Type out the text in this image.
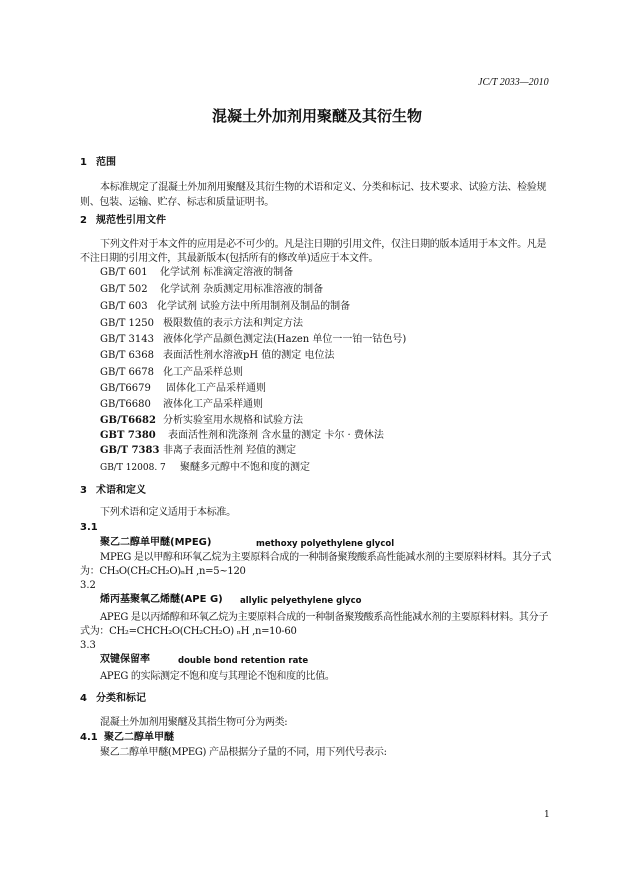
JC/T 2033—2010
混凝土外加剂用聚醚及其衍生物
1 范围
本标准规定了混凝土外加剂用聚醚及其衍生物的术语和定义、分类和标记、技术要求、试验方法、检验规则、包装、运输、贮存、标志和质量证明书。
2 规范性引用文件
下列文件对于本文件的应用是必不可少的。凡是注日期的引用文件，仅注日期的版本适用于本文件。凡是不注日期的引用文件，其最新版本(包括所有的修改单)适应于本文件。
GB/T 601 化学试剂 标准滴定溶液的制备
GB/T 502 化学试剂 杂质测定用标准溶液的制备
GB/T 603 化学试剂 试验方法中所用制剂及制品的制备
GB/T 1250 极限数值的表示方法和判定方法
GB/T 3143 液体化学产品颜色测定法(Hazen 单位一一铂一钴色号)
GB/T 6368 表面活性剂水溶液pH 值的测定 电位法
GB/T 6678 化工产品采样总则
GB/T6679 固体化工产品采样通则
GB/T6680 液体化工产品采样通则
GB/T6682 分析实验室用水规格和试验方法
GBT 7380 表面活性剂和洗涤剂 含水量的测定 卡尔 · 费休法
GB/T 7383 非离子表面活性剂 羟值的测定
GB/T 12008. 7 聚醚多元醇中不饱和度的测定
3 术语和定义
下列术语和定义适用于本标准。
3.1
聚乙二醇单甲醚(MPEG)	methoxy polyethylene glycol
MPEG 是以甲醇和环氧乙烷为主要原料合成的一种制备聚羧酸系高性能减水剂的主要原料材料。其分子式为：CH₃O(CH₂CH₂O)ₙH ,n=5~120
3.2
烯丙基聚氧乙烯醚(APE G) allylic pelyethylene glyco
APEG 是以丙烯醇和环氧乙烷为主要原料合成的一种制备聚羧酸系高性能减水剂的主要原料材料。其分子式为：CH₂=CHCH₂O(CH₂CH₂O) ₙH ,n=10-60
3.3
双键保留率	double bond retention rate
APEG 的实际测定不饱和度与其理论不饱和度的比值。
4 分类和标记
混凝土外加剂用聚醚及其指生物可分为两类:
4.1 聚乙二醇单甲醚
聚乙二醇单甲醚(MPEG) 产品根据分子量的不同，用下列代号表示:
1
